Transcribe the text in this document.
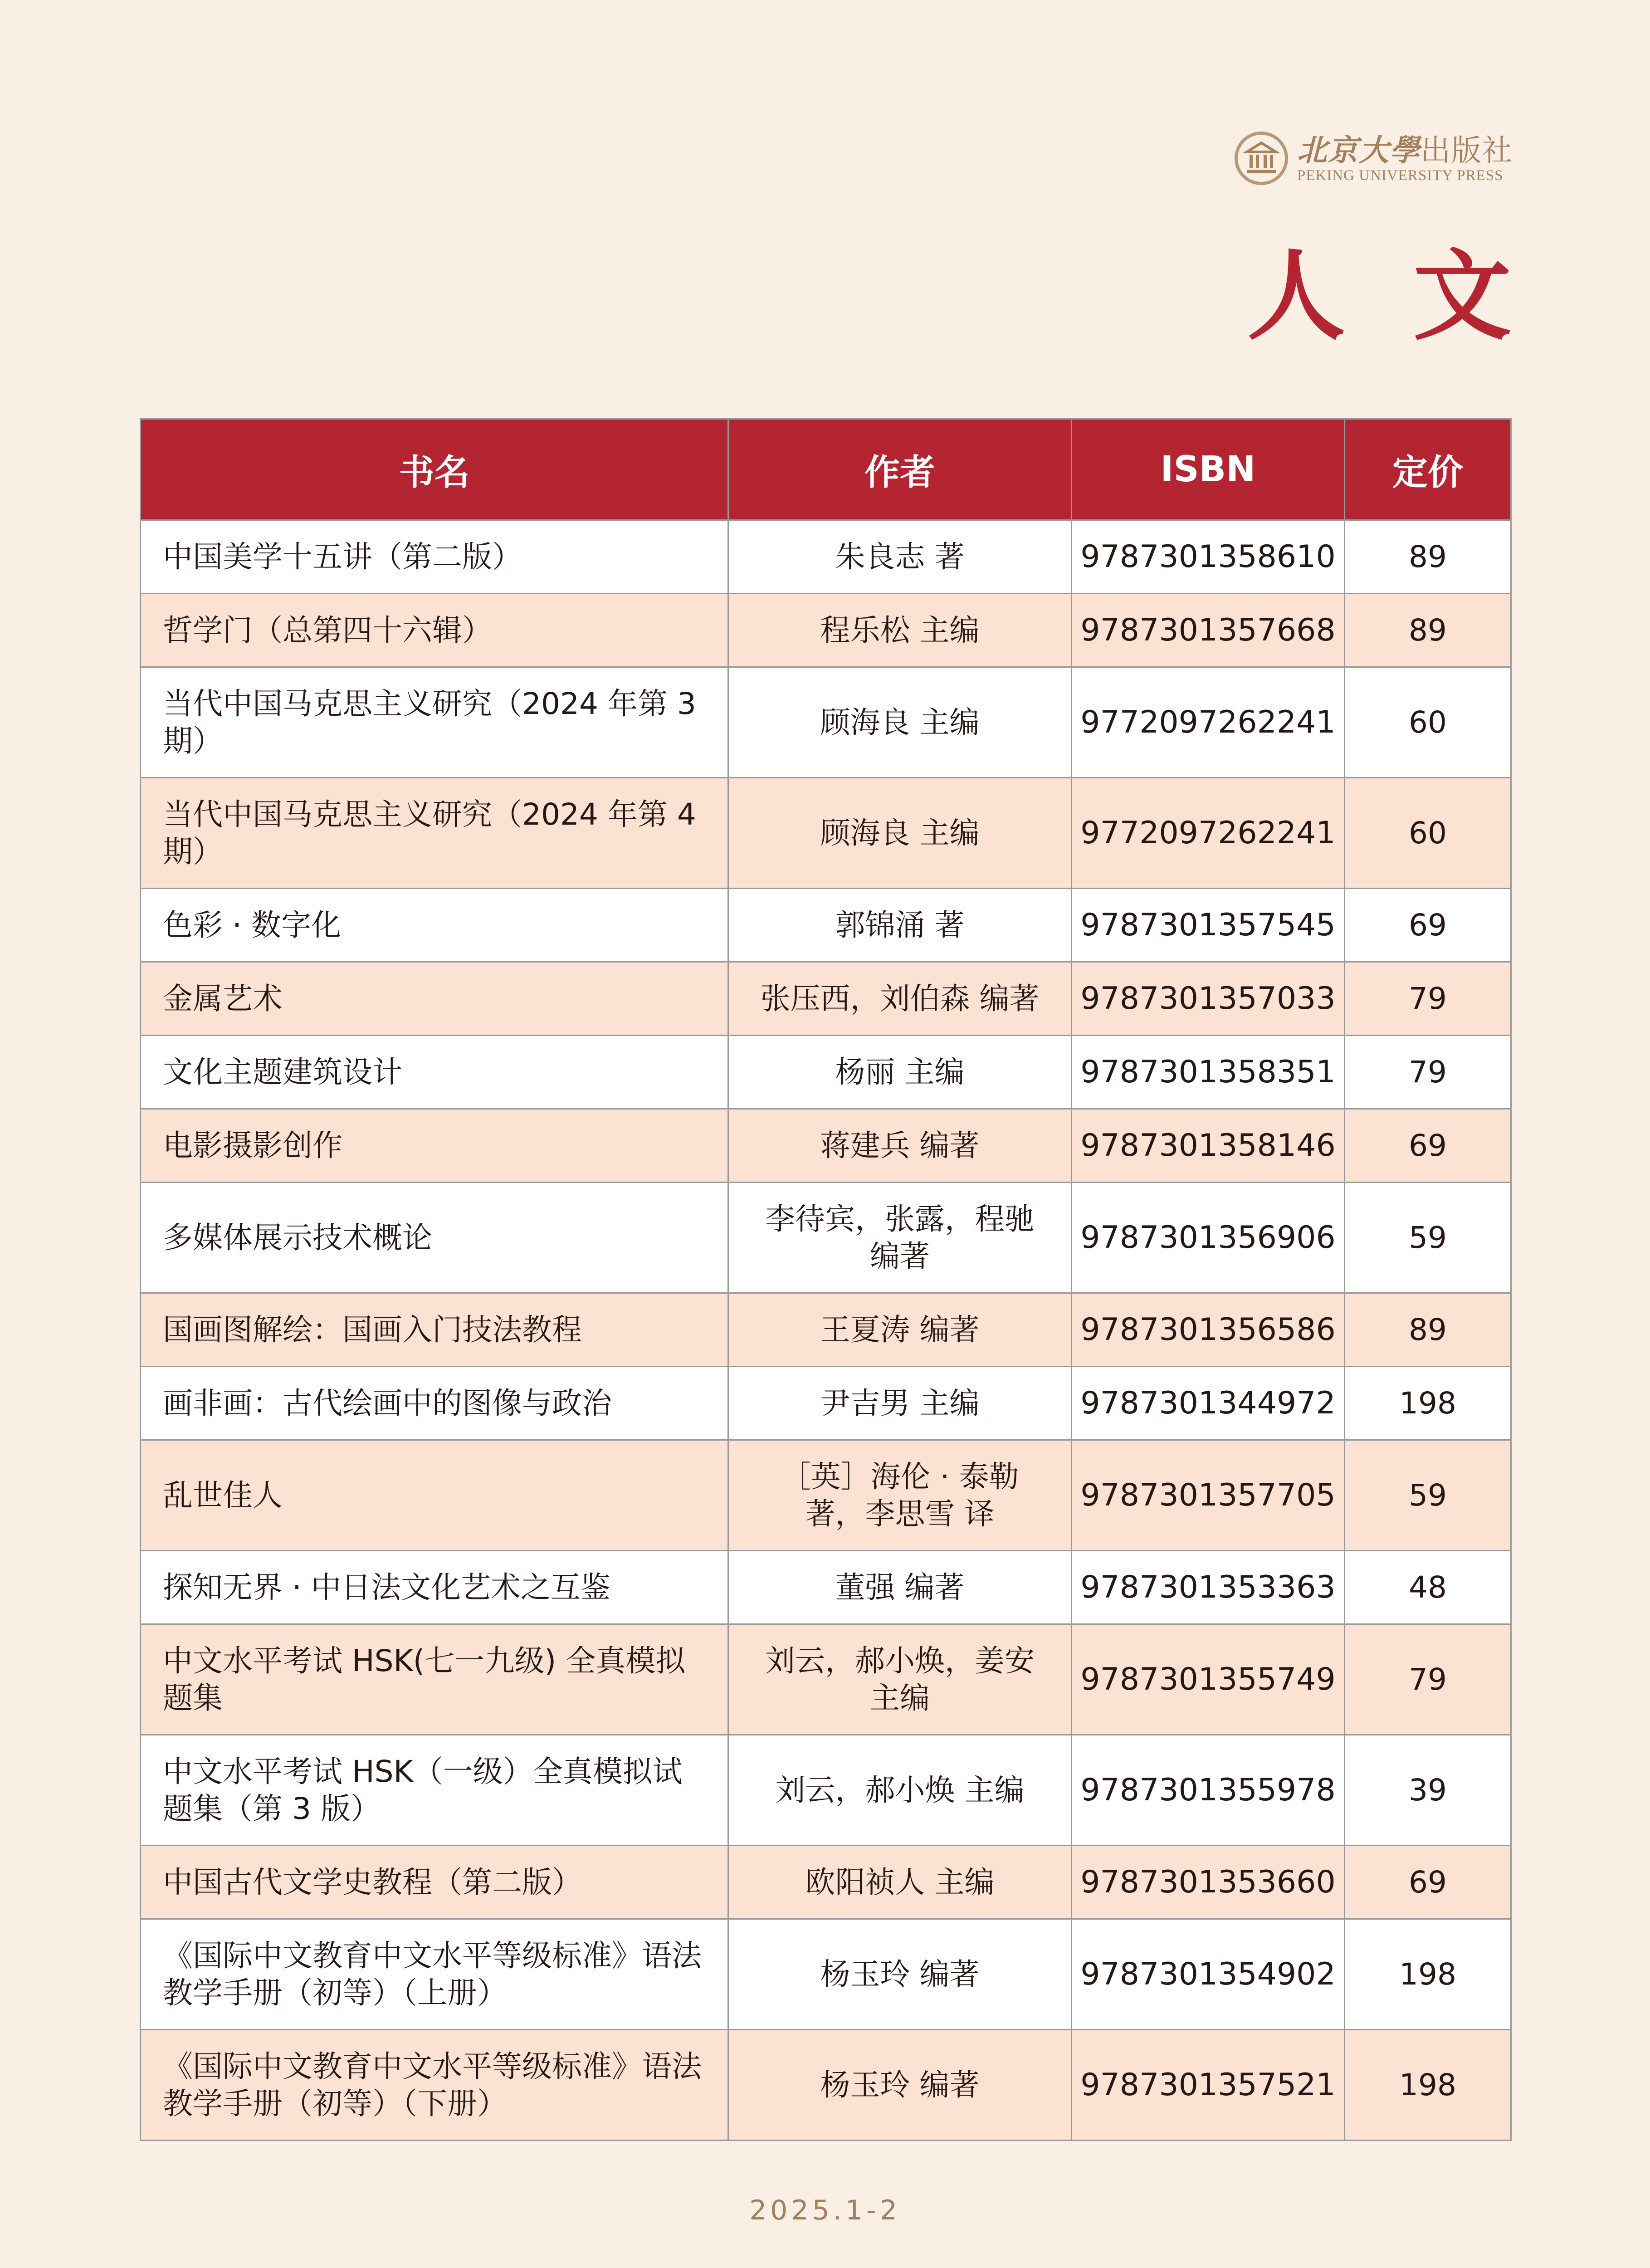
北京大學出版社
PEKING UNIVERSITY PRESS
人文
书名	作者	ISBN	定价
中国美学十五讲（第二版）	朱良志 著	9787301358610	89
哲学门（总第四十六辑）	程乐松 主编	9787301357668	89
当代中国马克思主义研究（2024 年第 3 期）	顾海良 主编	9772097262241	60
当代中国马克思主义研究（2024 年第 4 期）	顾海良 主编	9772097262241	60
色彩 · 数字化	郭锦涌 著	9787301357545	69
金属艺术	张压西，刘伯森 编著	9787301357033	79
文化主题建筑设计	杨丽 主编	9787301358351	79
电影摄影创作	蒋建兵 编著	9787301358146	69
多媒体展示技术概论	李待宾，张露，程驰 编著	9787301356906	59
国画图解绘：国画入门技法教程	王夏涛 编著	9787301356586	89
画非画：古代绘画中的图像与政治	尹吉男 主编	9787301344972	198
乱世佳人	［英］海伦 · 泰勒 著，李思雪 译	9787301357705	59
探知无界 · 中日法文化艺术之互鉴	董强 编著	9787301353363	48
中文水平考试 HSK(七一九级) 全真模拟题集	刘云，郝小焕，姜安 主编	9787301355749	79
中文水平考试 HSK（一级）全真模拟试题集（第 3 版）	刘云，郝小焕 主编	9787301355978	39
中国古代文学史教程（第二版）	欧阳祯人 主编	9787301353660	69
《国际中文教育中文水平等级标准》语法教学手册（初等）（上册）	杨玉玲 编著	9787301354902	198
《国际中文教育中文水平等级标准》语法教学手册（初等）（下册）	杨玉玲 编著	9787301357521	198
2025.1-2
